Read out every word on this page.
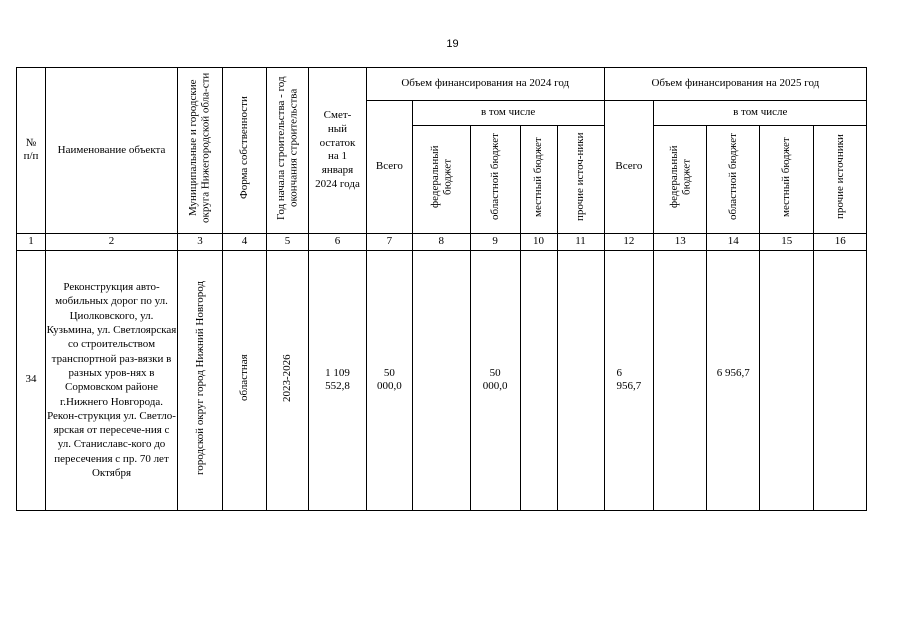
19
№
п/п	Наименование объекта	Муниципальные и городские округа Нижегородской обла-сти	Форма собственности	Год начала строительства - год окончания строительства	Смет-ный остаток на 1 января 2024 года	Объем финансирования на 2024 год					Объем финансирования на 2025 год				
						Всего	в том числе				Всего	в том числе			
							федеральный бюджет	областной бюджет	местный бюджет	прочие источ-ники		федеральный бюджет	областной бюджет	местный бюджет	прочие источники
1	2	3	4	5	6	7	8	9	10	11	12	13	14	15	16
34	Реконструкция авто-мобильных дорог по ул. Циолковского, ул. Кузьмина, ул. Светлоярская со строительством транспортной раз-вязки в разных уров-нях в Сормовском районе г.Нижнего Новгорода. Рекон-струкция ул. Светло-ярская от пересече-ния с ул. Станиславс-кого до пересечения с пр. 70 лет Октября	городской округ город Нижний Новгород	областная	2023-2026	1 109 552,8	50 000,0		50 000,0			6 956,7		6 956,7		
